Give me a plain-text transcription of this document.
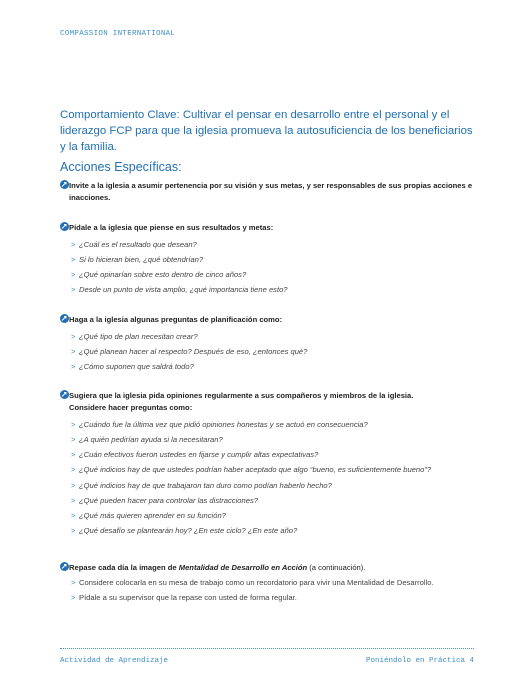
COMPASSION INTERNATIONAL
Comportamiento Clave: Cultivar el pensar en desarrollo entre el personal y el liderazgo FCP para que la iglesia promueva la autosuficiencia de los beneficiarios y la familia.
Acciones Específicas:
Invite a la iglesia a asumir pertenencia por su visión y sus metas, y ser responsables de sus propias acciones e inacciones.
Pídale a la iglesia que piense en sus resultados y metas:
> ¿Cuál es el resultado que desean?
> Si lo hicieran bien, ¿qué obtendrían?
> ¿Qué opinarían sobre esto dentro de cinco años?
> Desde un punto de vista amplio, ¿qué importancia tiene esto?
Haga a la iglesia algunas preguntas de planificación como:
> ¿Qué tipo de plan necesitan crear?
> ¿Qué planean hacer al respecto? Después de eso, ¿entonces qué?
> ¿Cómo suponen que saldrá todo?
Sugiera que la iglesia pida opiniones regularmente a sus compañeros y miembros de la iglesia.
Considere hacer preguntas como:
> ¿Cuándo fue la última vez que pidió opiniones honestas y se actuó en consecuencia?
> ¿A quién pedirían ayuda si la necesitaran?
> ¿Cuán efectivos fueron ustedes en fijarse y cumplir altas expectativas?
> ¿Qué indicios hay de que ustedes podrían haber aceptado que algo “bueno, es suficientemente bueno”?
> ¿Qué indicios hay de que trabajaron tan duro como podían haberlo hecho?
> ¿Qué pueden hacer para controlar las distracciones?
> ¿Qué más quieren aprender en su función?
> ¿Qué desafío se plantearán hoy? ¿En este ciclo? ¿En este año?
Repase cada día la imagen de Mentalidad de Desarrollo en Acción (a continuación).
> Considere colocarla en su mesa de trabajo como un recordatorio para vivir una Mentalidad de Desarrollo.
> Pídale a su supervisor que la repase con usted de forma regular.
Actividad de Aprendizaje	Poniéndolo en Práctica 4
